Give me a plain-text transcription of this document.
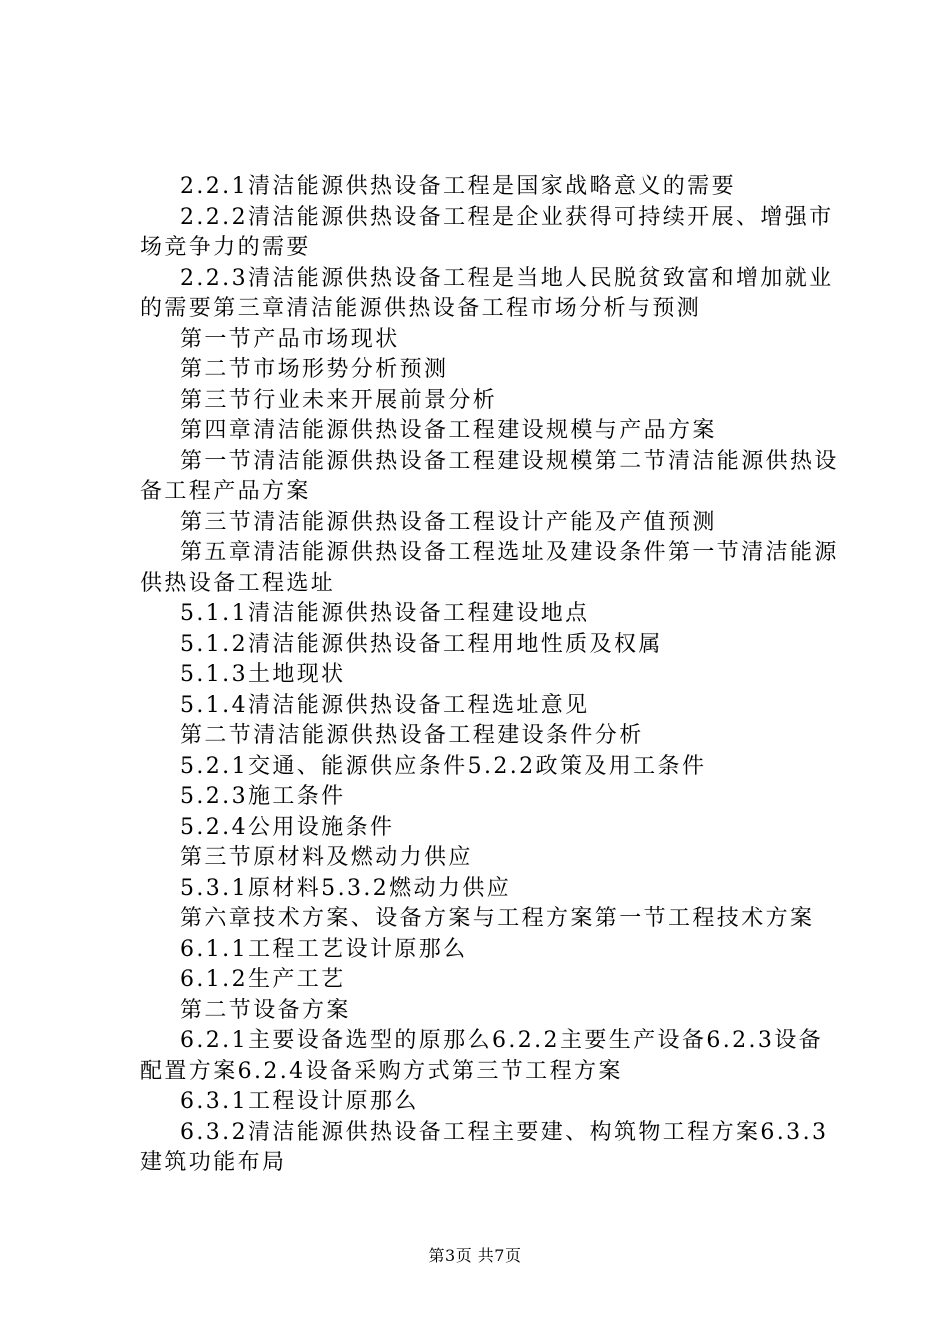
2.2.1清洁能源供热设备工程是国家战略意义的需要

2.2.2清洁能源供热设备工程是企业获得可持续开展、增强市场竞争力的需要

2.2.3清洁能源供热设备工程是当地人民脱贫致富和增加就业的需要第三章清洁能源供热设备工程市场分析与预测

第一节产品市场现状

第二节市场形势分析预测

第三节行业未来开展前景分析

第四章清洁能源供热设备工程建设规模与产品方案

第一节清洁能源供热设备工程建设规模第二节清洁能源供热设备工程产品方案

第三节清洁能源供热设备工程设计产能及产值预测

第五章清洁能源供热设备工程选址及建设条件第一节清洁能源供热设备工程选址

5.1.1清洁能源供热设备工程建设地点

5.1.2清洁能源供热设备工程用地性质及权属

5.1.3土地现状

5.1.4清洁能源供热设备工程选址意见

第二节清洁能源供热设备工程建设条件分析

5.2.1交通、能源供应条件5.2.2政策及用工条件

5.2.3施工条件

5.2.4公用设施条件

第三节原材料及燃动力供应

5.3.1原材料5.3.2燃动力供应

第六章技术方案、设备方案与工程方案第一节工程技术方案

6.1.1工程工艺设计原那么

6.1.2生产工艺

第二节设备方案

6.2.1主要设备选型的原那么6.2.2主要生产设备6.2.3设备配置方案6.2.4设备采购方式第三节工程方案

6.3.1工程设计原那么

6.3.2清洁能源供热设备工程主要建、构筑物工程方案6.3.3建筑功能布局

第3页 共7页
